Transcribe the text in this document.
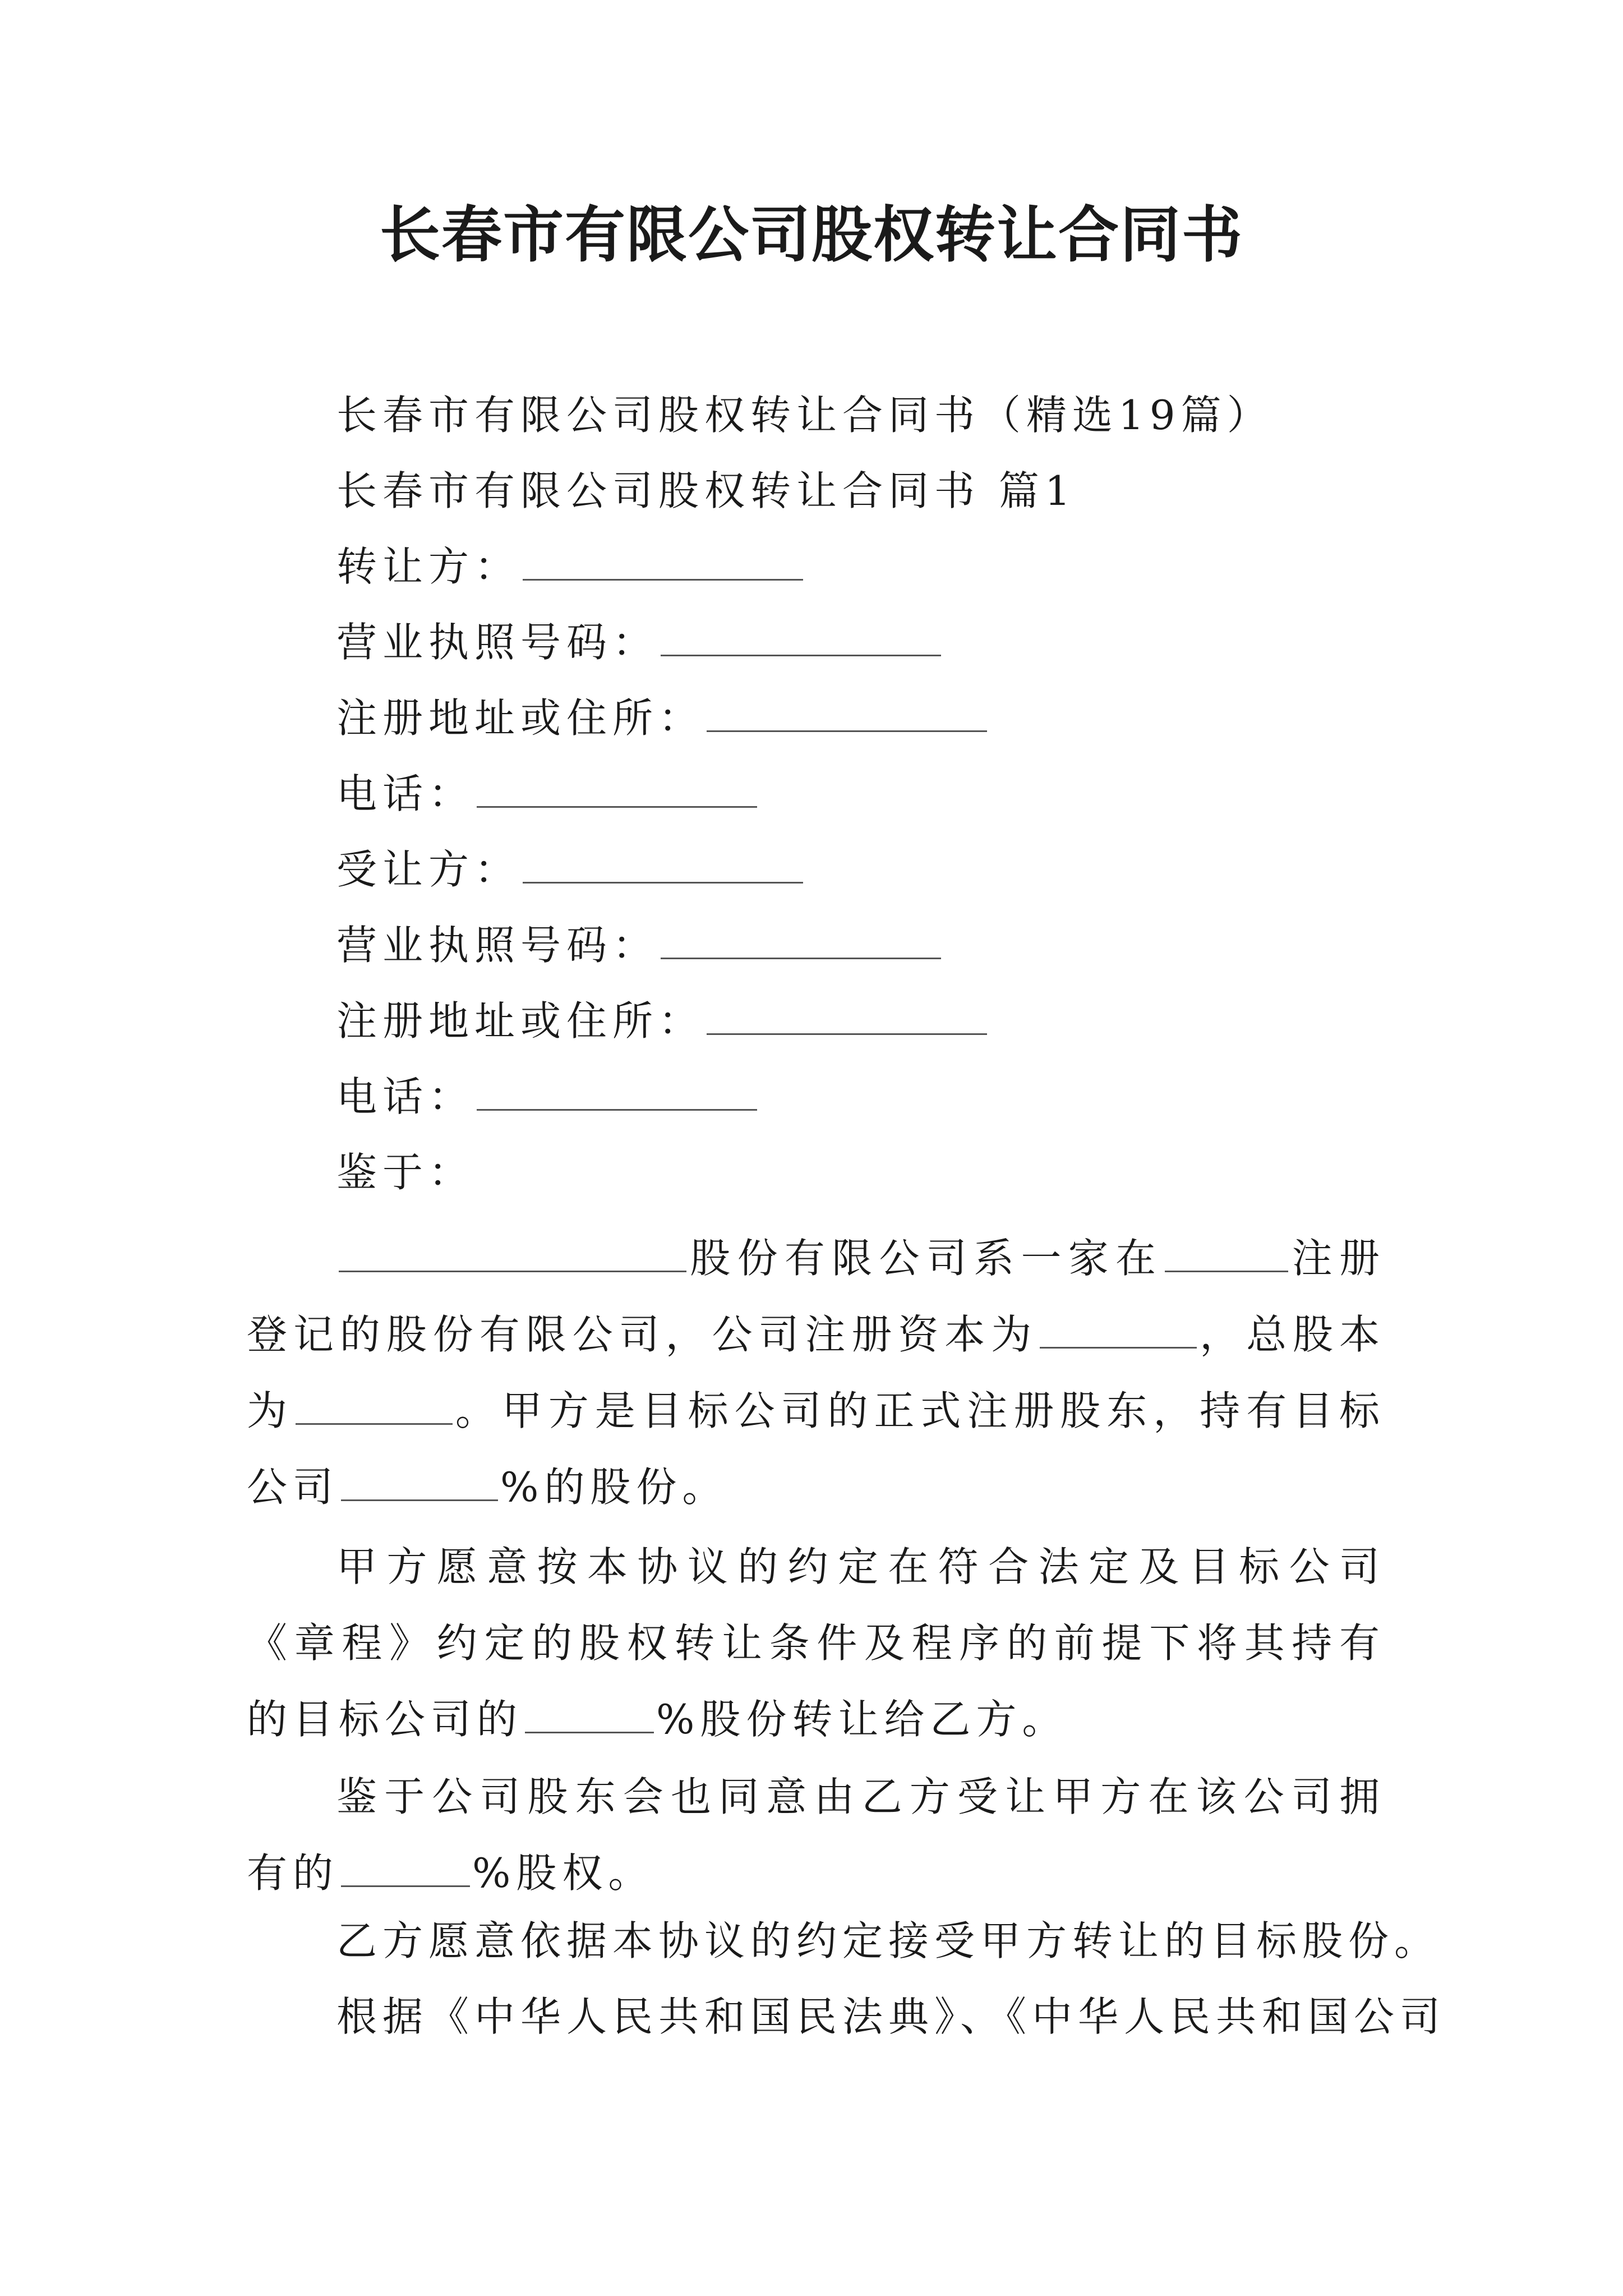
长春市有限公司股权转让合同书
长春市有限公司股权转让合同书（精选19篇）
长春市有限公司股权转让合同书 篇1
转让方：
营业执照号码：
注册地址或住所：
电话：
受让方：
营业执照号码：
注册地址或住所：
电话：
鉴于：
股份有限公司系一家在	注册登记的股份有限公司，公司注册资本为	，总股本为	。甲方是目标公司的正式注册股东，持有目标公司	%的股份。
甲方愿意按本协议的约定在符合法定及目标公司《章程》约定的股权转让条件及程序的前提下将其持有的目标公司的	%股份转让给乙方。
鉴于公司股东会也同意由乙方受让甲方在该公司拥有的	%股权。
乙方愿意依据本协议的约定接受甲方转让的目标股份。
根据《中华人民共和国民法典》、《中华人民共和国公司
